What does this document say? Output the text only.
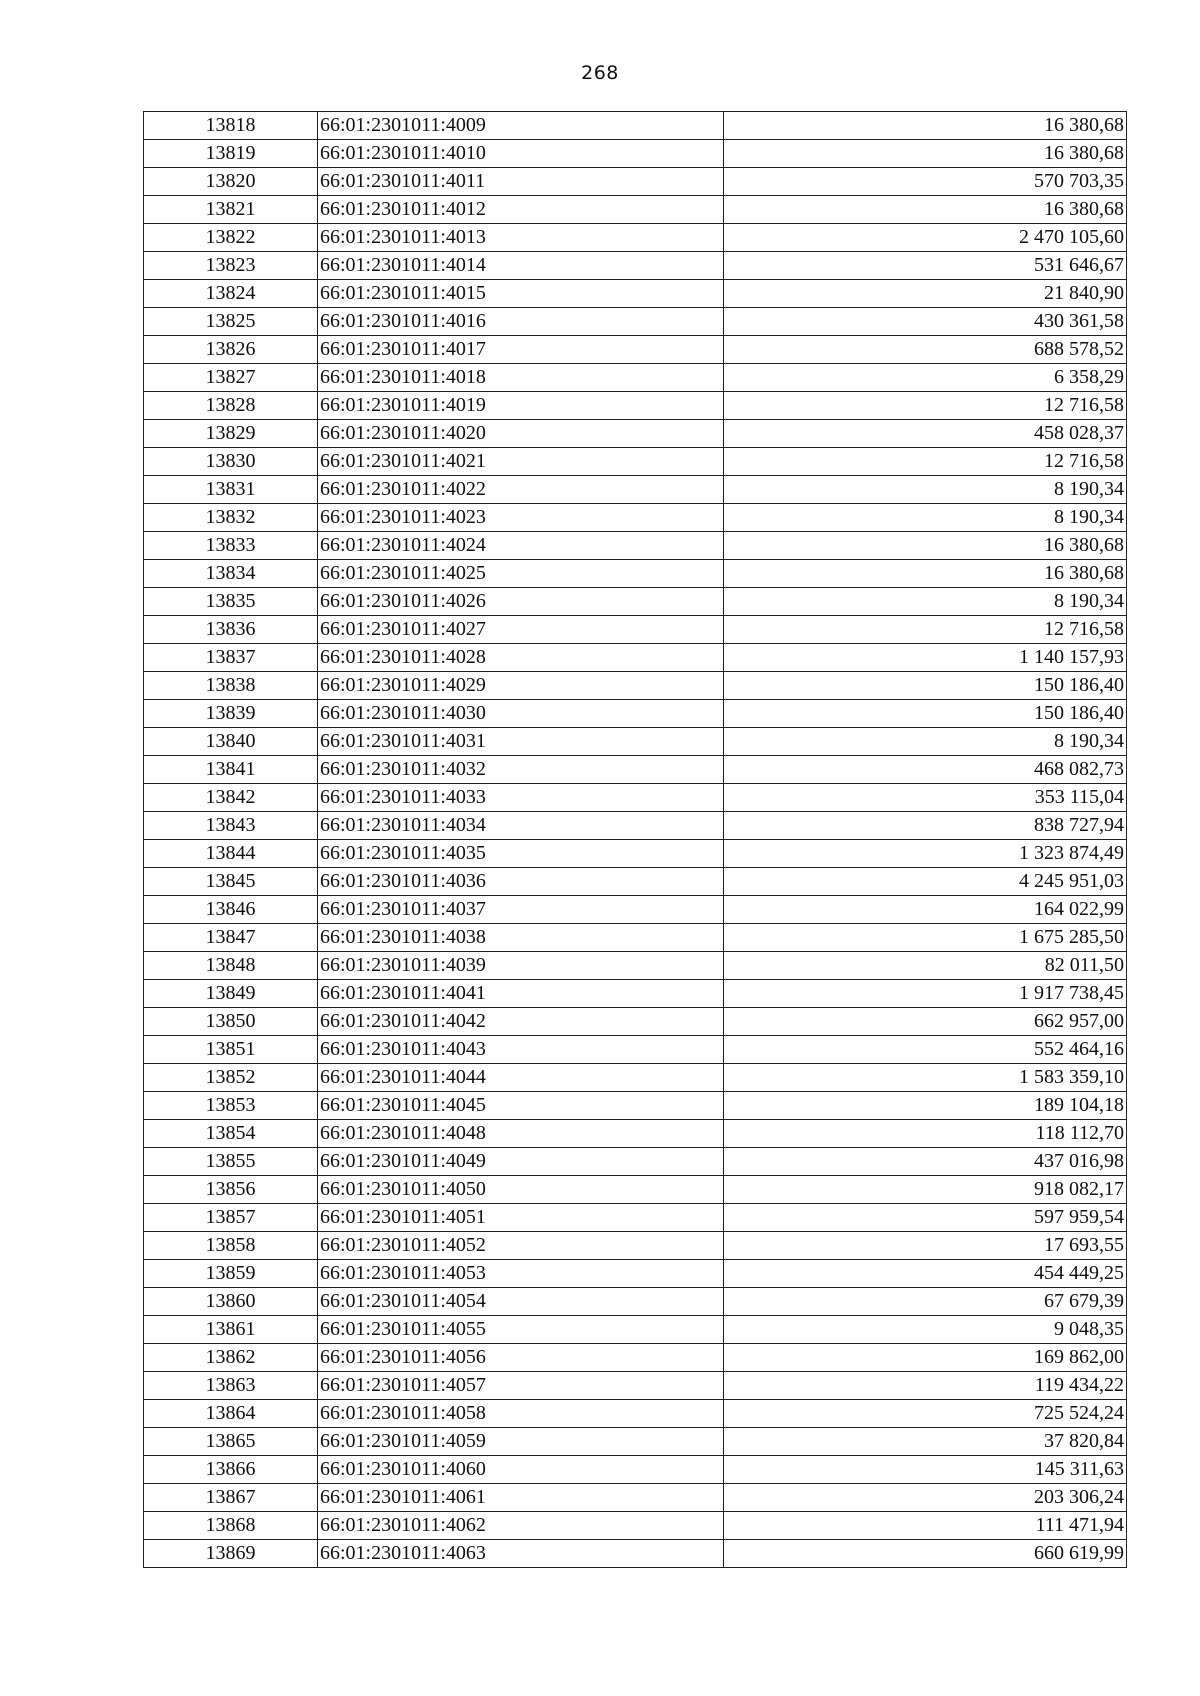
268
13818	66:01:2301011:4009	16 380,68
13819	66:01:2301011:4010	16 380,68
13820	66:01:2301011:4011	570 703,35
13821	66:01:2301011:4012	16 380,68
13822	66:01:2301011:4013	2 470 105,60
13823	66:01:2301011:4014	531 646,67
13824	66:01:2301011:4015	21 840,90
13825	66:01:2301011:4016	430 361,58
13826	66:01:2301011:4017	688 578,52
13827	66:01:2301011:4018	6 358,29
13828	66:01:2301011:4019	12 716,58
13829	66:01:2301011:4020	458 028,37
13830	66:01:2301011:4021	12 716,58
13831	66:01:2301011:4022	8 190,34
13832	66:01:2301011:4023	8 190,34
13833	66:01:2301011:4024	16 380,68
13834	66:01:2301011:4025	16 380,68
13835	66:01:2301011:4026	8 190,34
13836	66:01:2301011:4027	12 716,58
13837	66:01:2301011:4028	1 140 157,93
13838	66:01:2301011:4029	150 186,40
13839	66:01:2301011:4030	150 186,40
13840	66:01:2301011:4031	8 190,34
13841	66:01:2301011:4032	468 082,73
13842	66:01:2301011:4033	353 115,04
13843	66:01:2301011:4034	838 727,94
13844	66:01:2301011:4035	1 323 874,49
13845	66:01:2301011:4036	4 245 951,03
13846	66:01:2301011:4037	164 022,99
13847	66:01:2301011:4038	1 675 285,50
13848	66:01:2301011:4039	82 011,50
13849	66:01:2301011:4041	1 917 738,45
13850	66:01:2301011:4042	662 957,00
13851	66:01:2301011:4043	552 464,16
13852	66:01:2301011:4044	1 583 359,10
13853	66:01:2301011:4045	189 104,18
13854	66:01:2301011:4048	118 112,70
13855	66:01:2301011:4049	437 016,98
13856	66:01:2301011:4050	918 082,17
13857	66:01:2301011:4051	597 959,54
13858	66:01:2301011:4052	17 693,55
13859	66:01:2301011:4053	454 449,25
13860	66:01:2301011:4054	67 679,39
13861	66:01:2301011:4055	9 048,35
13862	66:01:2301011:4056	169 862,00
13863	66:01:2301011:4057	119 434,22
13864	66:01:2301011:4058	725 524,24
13865	66:01:2301011:4059	37 820,84
13866	66:01:2301011:4060	145 311,63
13867	66:01:2301011:4061	203 306,24
13868	66:01:2301011:4062	111 471,94
13869	66:01:2301011:4063	660 619,99
